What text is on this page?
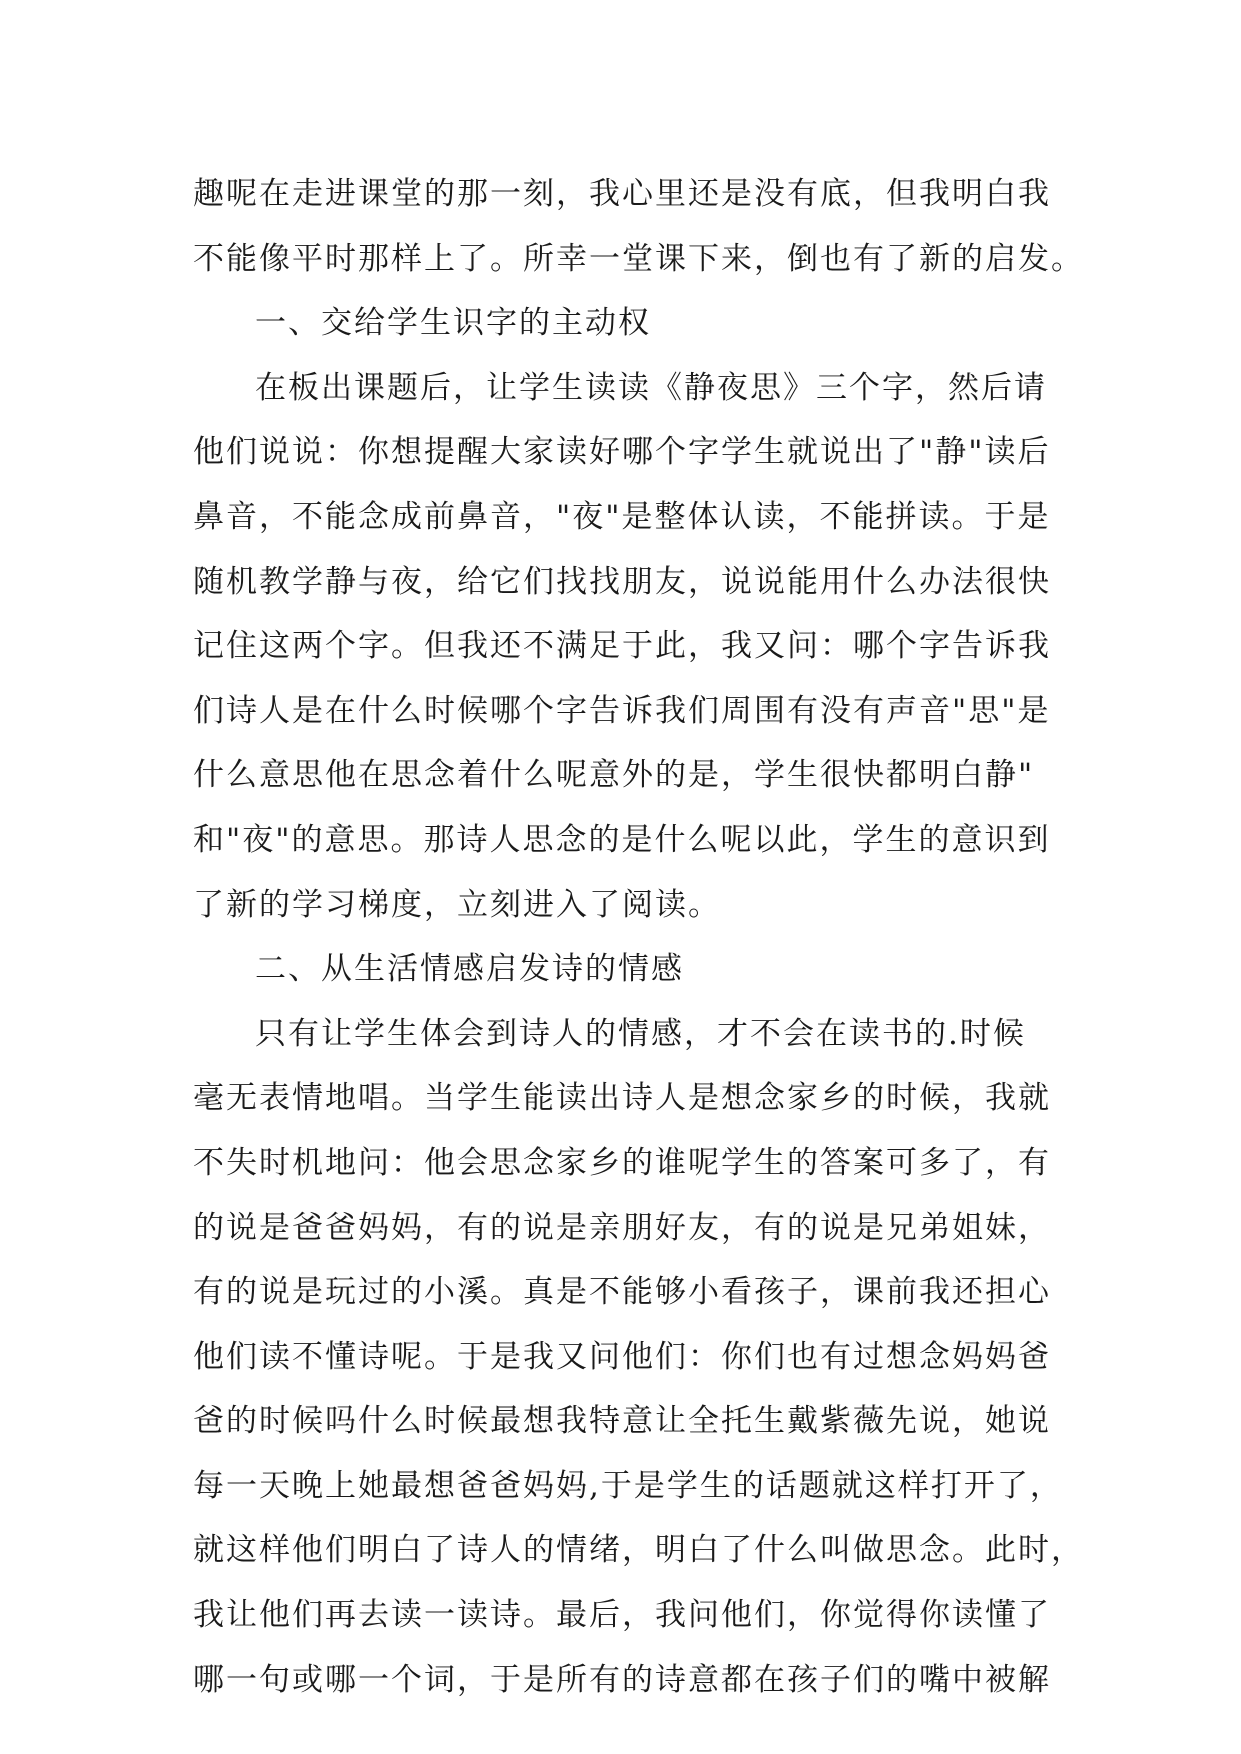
趣呢在走进课堂的那一刻，我心里还是没有底，但我明白我
不能像平时那样上了。所幸一堂课下来，倒也有了新的启发。
一、交给学生识字的主动权
在板出课题后，让学生读读《静夜思》三个字，然后请
他们说说：你想提醒大家读好哪个字学生就说出了"静"读后
鼻音，不能念成前鼻音，"夜"是整体认读，不能拼读。于是
随机教学静与夜，给它们找找朋友，说说能用什么办法很快
记住这两个字。但我还不满足于此，我又问：哪个字告诉我
们诗人是在什么时候哪个字告诉我们周围有没有声音"思"是
什么意思他在思念着什么呢意外的是，学生很快都明白静"
和"夜"的意思。那诗人思念的是什么呢以此，学生的意识到
了新的学习梯度，立刻进入了阅读。
二、从生活情感启发诗的情感
只有让学生体会到诗人的情感，才不会在读书的.时候
毫无表情地唱。当学生能读出诗人是想念家乡的时候，我就
不失时机地问：他会思念家乡的谁呢学生的答案可多了，有
的说是爸爸妈妈，有的说是亲朋好友，有的说是兄弟姐妹，
有的说是玩过的小溪。真是不能够小看孩子，课前我还担心
他们读不懂诗呢。于是我又问他们：你们也有过想念妈妈爸
爸的时候吗什么时候最想我特意让全托生戴紫薇先说，她说
每一天晚上她最想爸爸妈妈,于是学生的话题就这样打开了，
就这样他们明白了诗人的情绪，明白了什么叫做思念。此时，
我让他们再去读一读诗。最后，我问他们，你觉得你读懂了
哪一句或哪一个词，于是所有的诗意都在孩子们的嘴中被解
